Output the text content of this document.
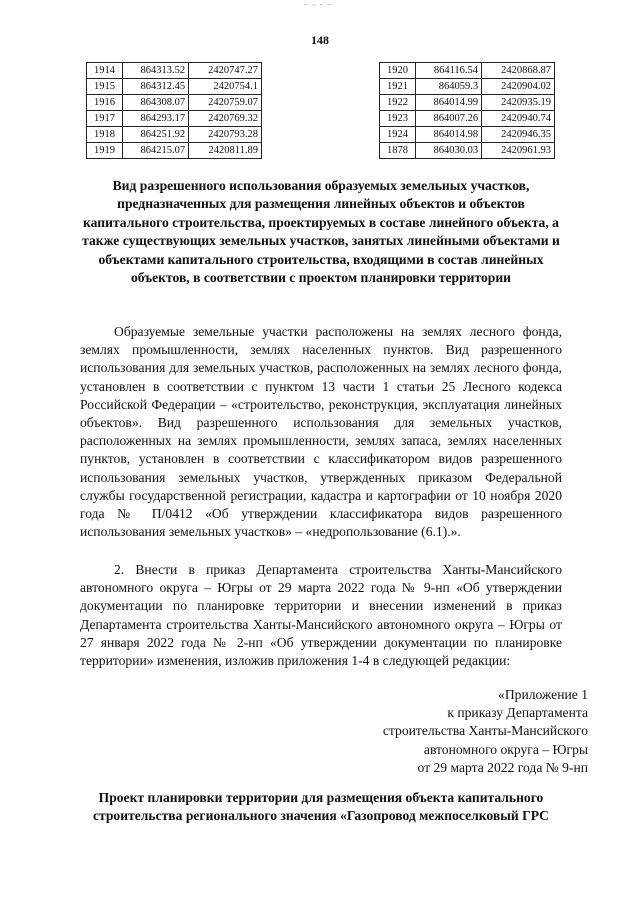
148
1914	864313.52	2420747.27
1915	864312.45	2420754.1
1916	864308.07	2420759.07
1917	864293.17	2420769.32
1918	864251.92	2420793.28
1919	864215.07	2420811.89
1920	864116.54	2420868.87
1921	864059.3	2420904.02
1922	864014.99	2420935.19
1923	864007.26	2420940.74
1924	864014.98	2420946.35
1878	864030.03	2420961.93
Вид разрешенного использования образуемых земельных участков, предназначенных для размещения линейных объектов и объектов капитального строительства, проектируемых в составе линейного объекта, а также существующих земельных участков, занятых линейными объектами и объектами капитального строительства, входящими в состав линейных объектов, в соответствии с проектом планировки территории
Образуемые земельные участки расположены на землях лесного фонда, землях промышленности, землях населенных пунктов. Вид разрешенного использования для земельных участков, расположенных на землях лесного фонда, установлен в соответствии с пунктом 13 части 1 статьи 25 Лесного кодекса Российской Федерации – «строительство, реконструкция, эксплуатация линейных объектов». Вид разрешенного использования для земельных участков, расположенных на землях промышленности, землях запаса, землях населенных пунктов, установлен в соответствии с классификатором видов разрешенного использования земельных участков, утвержденных приказом Федеральной службы государственной регистрации, кадастра и картографии от 10 ноября 2020 года № П/0412 «Об утверждении классификатора видов разрешенного использования земельных участков» – «недропользование (6.1).».
2. Внести в приказ Департамента строительства Ханты-Мансийского автономного округа – Югры от 29 марта 2022 года № 9-нп «Об утверждении документации по планировке территории и внесении изменений в приказ Департамента строительства Ханты-Мансийского автономного округа – Югры от 27 января 2022 года № 2-нп «Об утверждении документации по планировке территории» изменения, изложив приложения 1-4 в следующей редакции:
«Приложение 1
к приказу Департамента
строительства Ханты-Мансийского
автономного округа – Югры
от 29 марта 2022 года № 9-нп
Проект планировки территории для размещения объекта капитального строительства регионального значения «Газопровод межпоселковый ГРС
